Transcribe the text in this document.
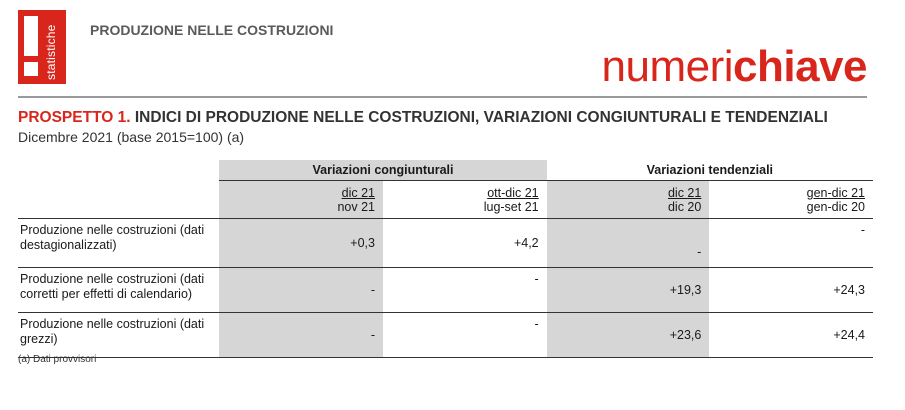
statistiche PRODUZIONE NELLE COSTRUZIONI
numerichiave
PROSPETTO 1. INDICI DI PRODUZIONE NELLE COSTRUZIONI, VARIAZIONI CONGIUNTURALI E TENDENZIALI
Dicembre 2021 (base 2015=100) (a)
	Variazioni congiunturali		Variazioni tendenziali	
	dic 21	ott-dic 21	dic 21	gen-dic 21
	nov 21	lug-set 21	dic 20	gen-dic 20
Produzione nelle costruzioni (dati destagionalizzati)	+0,3	+4,2	-	-
Produzione nelle costruzioni (dati corretti per effetti di calendario)	-	-	+19,3	+24,3
Produzione nelle costruzioni (dati grezzi)	-	-	+23,6	+24,4
(a) Dati provvisori
